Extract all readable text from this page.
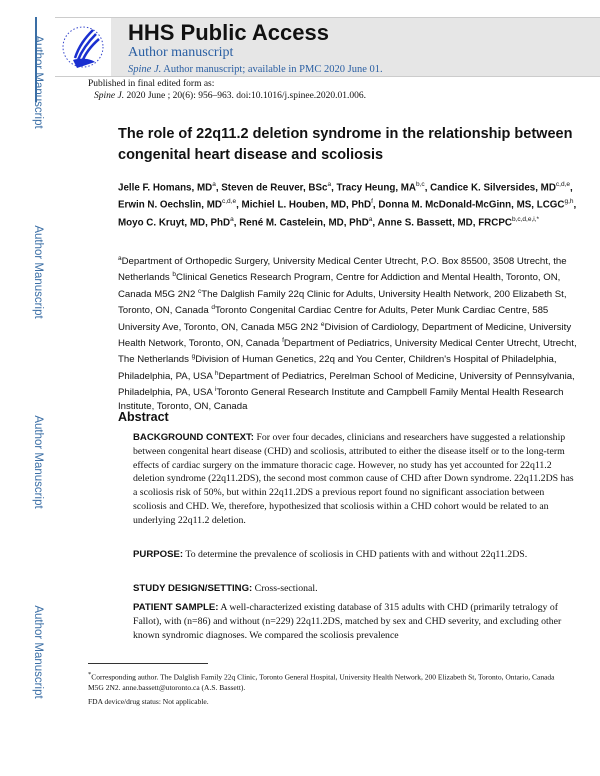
Author Manuscript
Author Manuscript
Author Manuscript
Author Manuscript
HHS Public Access
Author manuscript
Spine J. Author manuscript; available in PMC 2020 June 01.
Published in final edited form as:
Spine J. 2020 June ; 20(6): 956–963. doi:10.1016/j.spinee.2020.01.006.
The role of 22q11.2 deletion syndrome in the relationship between congenital heart disease and scoliosis
Jelle F. Homans, $MD^a$, Steven de Reuver, BSc$^a$, Tracy Heung, MA$^{b,c}$, Candice K. Silversides, MD$^{c,d,e}$, Erwin N. Oechslin, MD$^{c,d,e}$, Michiel L. Houben, MD, PhD$^f$, Donna M. McDonald-McGinn, MS, LCGC$^{g,h}$, Moyo C. Kruyt, MD, PhD$^a$, René M. Castelein, MD, PhD$^a$, Anne S. Bassett, MD, $FRCPC^{b,c,d,e,i,*}$
$^a$Department of Orthopedic Surgery, University Medical Center Utrecht, P.O. Box 85500, 3508 Utrecht, the Netherlands $^b$Clinical Genetics Research Program, Centre for Addiction and Mental Health, Toronto, ON, Canada M5G 2N2 $^c$The Dalglish Family 22q Clinic for Adults, University Health Network, 200 Elizabeth St, Toronto, ON, Canada $^d$Toronto Congenital Cardiac Centre for Adults, Peter Munk Cardiac Centre, 585 University Ave, Toronto, ON, Canada M5G 2N2 $^e$Division of Cardiology, Department of Medicine, University Health Network, Toronto, ON, Canada $^f$Department of Pediatrics, University Medical Center Utrecht, Utrecht, The Netherlands $^g$Division of Human Genetics, 22q and You Center, Children's Hospital of Philadelphia, Philadelphia, PA, USA $^h$Department of Pediatrics, Perelman School of Medicine, University of Pennsylvania, Philadelphia, PA, USA $^i$Toronto General Research Institute and Campbell Family Mental Health Research Institute, Toronto, ON, Canada
Abstract
BACKGROUND CONTEXT: For over four decades, clinicians and researchers have suggested a relationship between congenital heart disease (CHD) and scoliosis, attributed to either the disease itself or to the long-term effects of cardiac surgery on the immature thoracic cage. However, no study has yet accounted for 22q11.2 deletion syndrome (22q11.2DS), the second most common cause of CHD after Down syndrome. 22q11.2DS has a scoliosis risk of 50%, but within 22q11.2DS a previous report found no significant association between scoliosis and CHD. We, therefore, hypothesized that scoliosis within a CHD cohort would be related to an underlying 22q11.2 deletion.
PURPOSE: To determine the prevalence of scoliosis in CHD patients with and without 22q11.2DS.
STUDY DESIGN/SETTING: Cross-sectional.
PATIENT SAMPLE: A well-characterized existing database of 315 adults with CHD (primarily tetralogy of Fallot), with (n=86) and without (n=229) 22q11.2DS, matched by sex and CHD severity, and excluding other known syndromic diagnoses. We compared the scoliosis prevalence
*Corresponding author. The Dalglish Family 22q Clinic, Toronto General Hospital, University Health Network, 200 Elizabeth St, Toronto, Ontario, Canada M5G 2N2. anne.bassett@utoronto.ca (A.S. Bassett).
FDA device/drug status: Not applicable.
